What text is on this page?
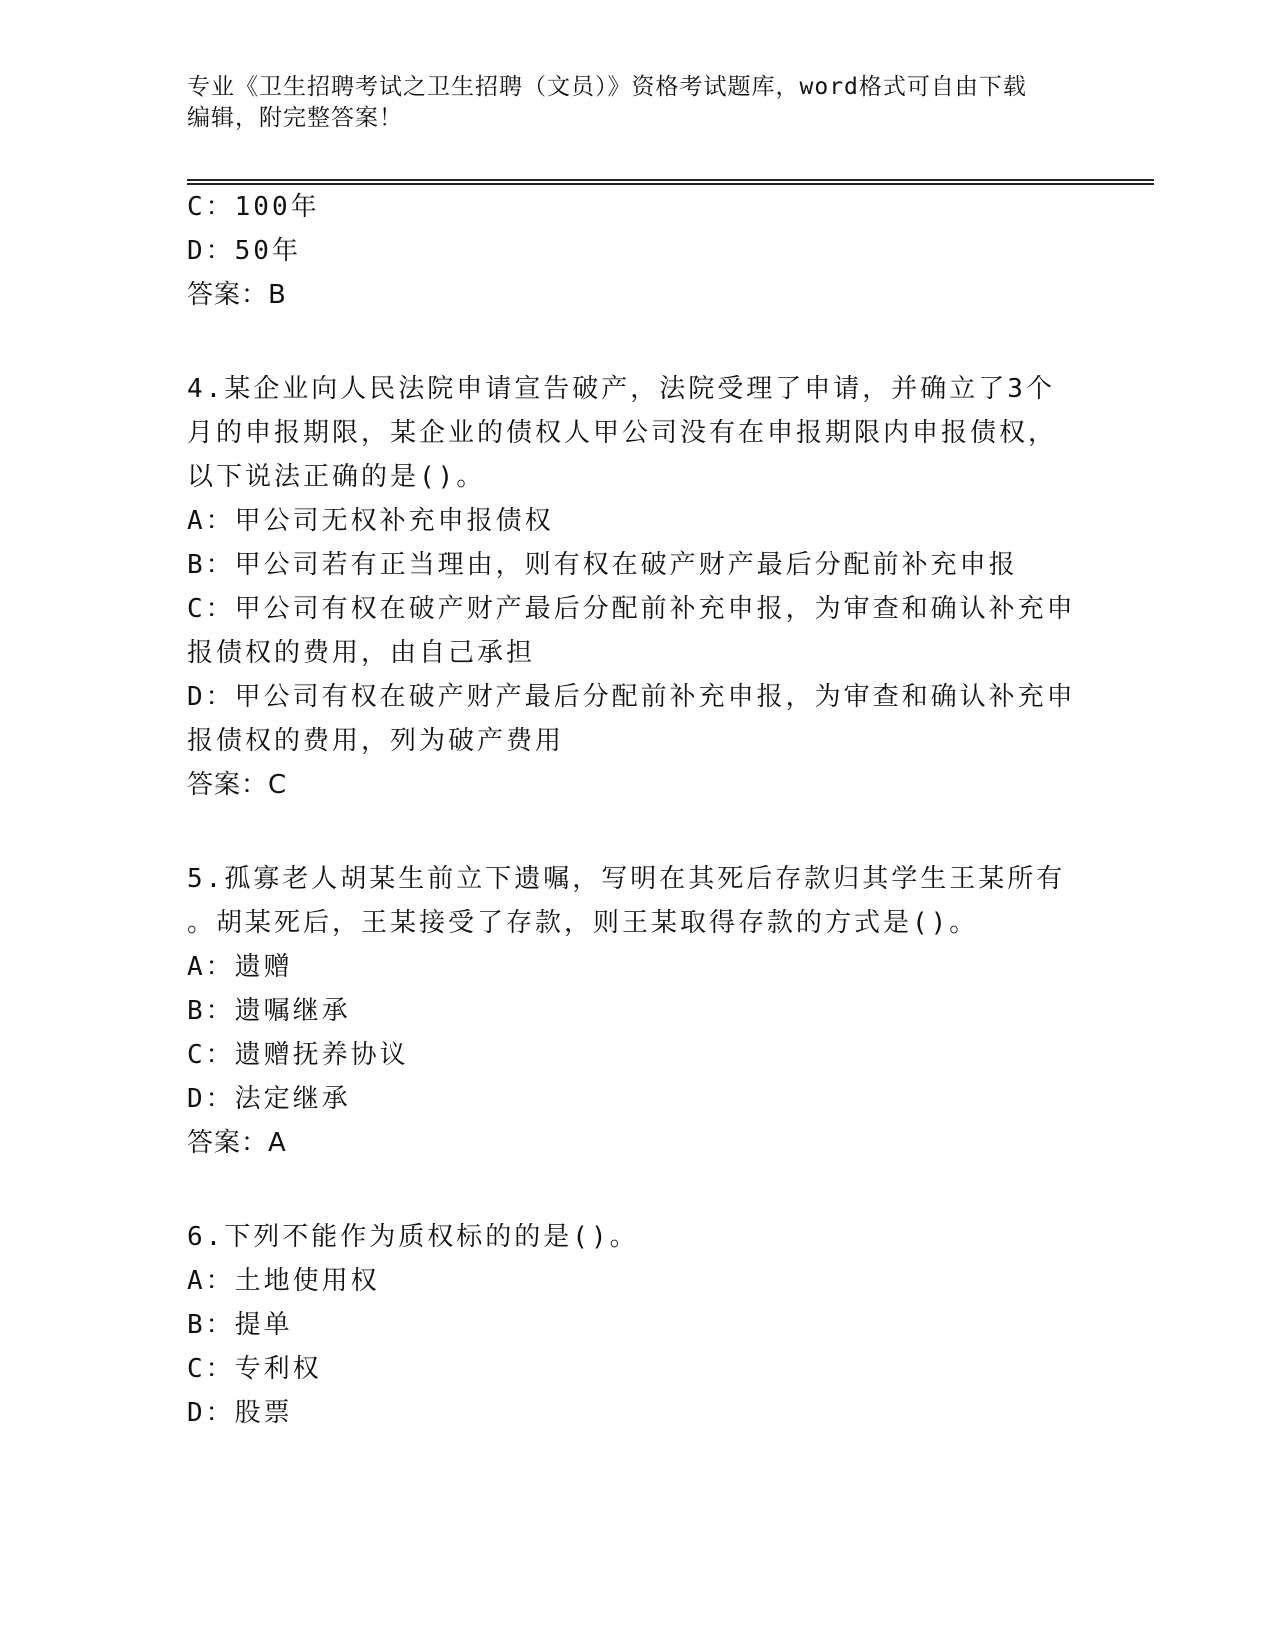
专业《卫生招聘考试之卫生招聘（文员）》资格考试题库，word格式可自由下载
编辑，附完整答案！
C：100年
D：50年
答案：B
4.某企业向人民法院申请宣告破产，法院受理了申请，并确立了3个
月的申报期限，某企业的债权人甲公司没有在申报期限内申报债权，
以下说法正确的是()。
A：甲公司无权补充申报债权
B：甲公司若有正当理由，则有权在破产财产最后分配前补充申报
C：甲公司有权在破产财产最后分配前补充申报，为审查和确认补充申
报债权的费用，由自己承担
D：甲公司有权在破产财产最后分配前补充申报，为审查和确认补充申
报债权的费用，列为破产费用
答案：C
5.孤寡老人胡某生前立下遗嘱，写明在其死后存款归其学生王某所有
。胡某死后，王某接受了存款，则王某取得存款的方式是()。
A：遗赠
B：遗嘱继承
C：遗赠抚养协议
D：法定继承
答案：A
6.下列不能作为质权标的的是()。
A：土地使用权
B：提单
C：专利权
D：股票
